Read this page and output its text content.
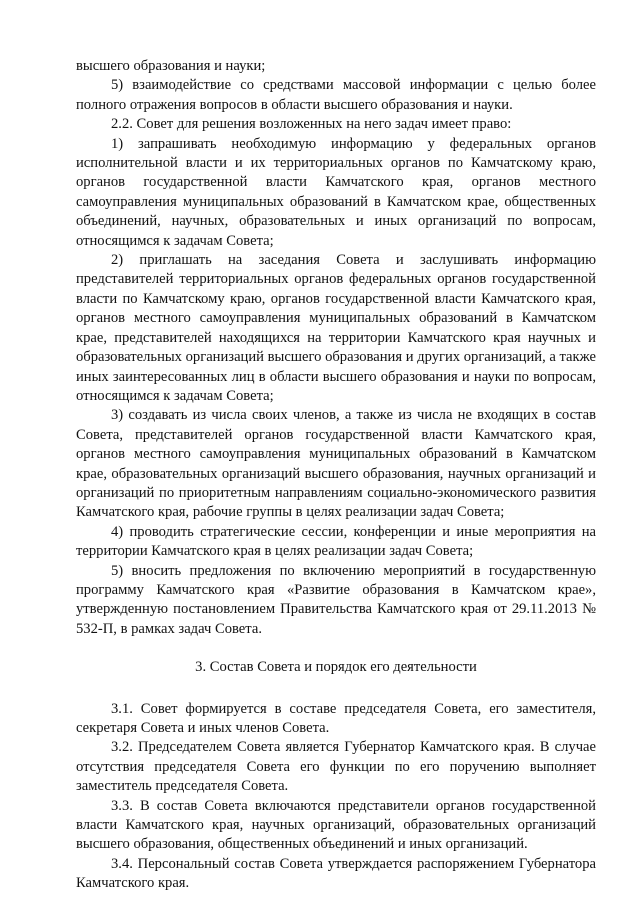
высшего образования и науки;

5) взаимодействие со средствами массовой информации с целью более полного отражения вопросов в области высшего образования и науки.

2.2. Совет для решения возложенных на него задач имеет право:

1) запрашивать необходимую информацию у федеральных органов исполнительной власти и их территориальных органов по Камчатскому краю, органов государственной власти Камчатского края, органов местного самоуправления муниципальных образований в Камчатском крае, общественных объединений, научных, образовательных и иных организаций по вопросам, относящимся к задачам Совета;

2) приглашать на заседания Совета и заслушивать информацию представителей территориальных органов федеральных органов государственной власти по Камчатскому краю, органов государственной власти Камчатского края, органов местного самоуправления муниципальных образований в Камчатском крае, представителей находящихся на территории Камчатского края научных и образовательных организаций высшего образования и других организаций, а также иных заинтересованных лиц в области высшего образования и науки по вопросам, относящимся к задачам Совета;

3) создавать из числа своих членов, а также из числа не входящих в состав Совета, представителей органов государственной власти Камчатского края, органов местного самоуправления муниципальных образований в Камчатском крае, образовательных организаций высшего образования, научных организаций и организаций по приоритетным направлениям социально-экономического развития Камчатского края, рабочие группы в целях реализации задач Совета;

4) проводить стратегические сессии, конференции и иные мероприятия на территории Камчатского края в целях реализации задач Совета;

5) вносить предложения по включению мероприятий в государственную программу Камчатского края «Развитие образования в Камчатском крае», утвержденную постановлением Правительства Камчатского края от 29.11.2013 № 532-П, в рамках задач Совета.

3. Состав Совета и порядок его деятельности

3.1. Совет формируется в составе председателя Совета, его заместителя, секретаря Совета и иных членов Совета.

3.2. Председателем Совета является Губернатор Камчатского края. В случае отсутствия председателя Совета его функции по его поручению выполняет заместитель председателя Совета.

3.3. В состав Совета включаются представители органов государственной власти Камчатского края, научных организаций, образовательных организаций высшего образования, общественных объединений и иных организаций.

3.4. Персональный состав Совета утверждается распоряжением Губернатора Камчатского края.
